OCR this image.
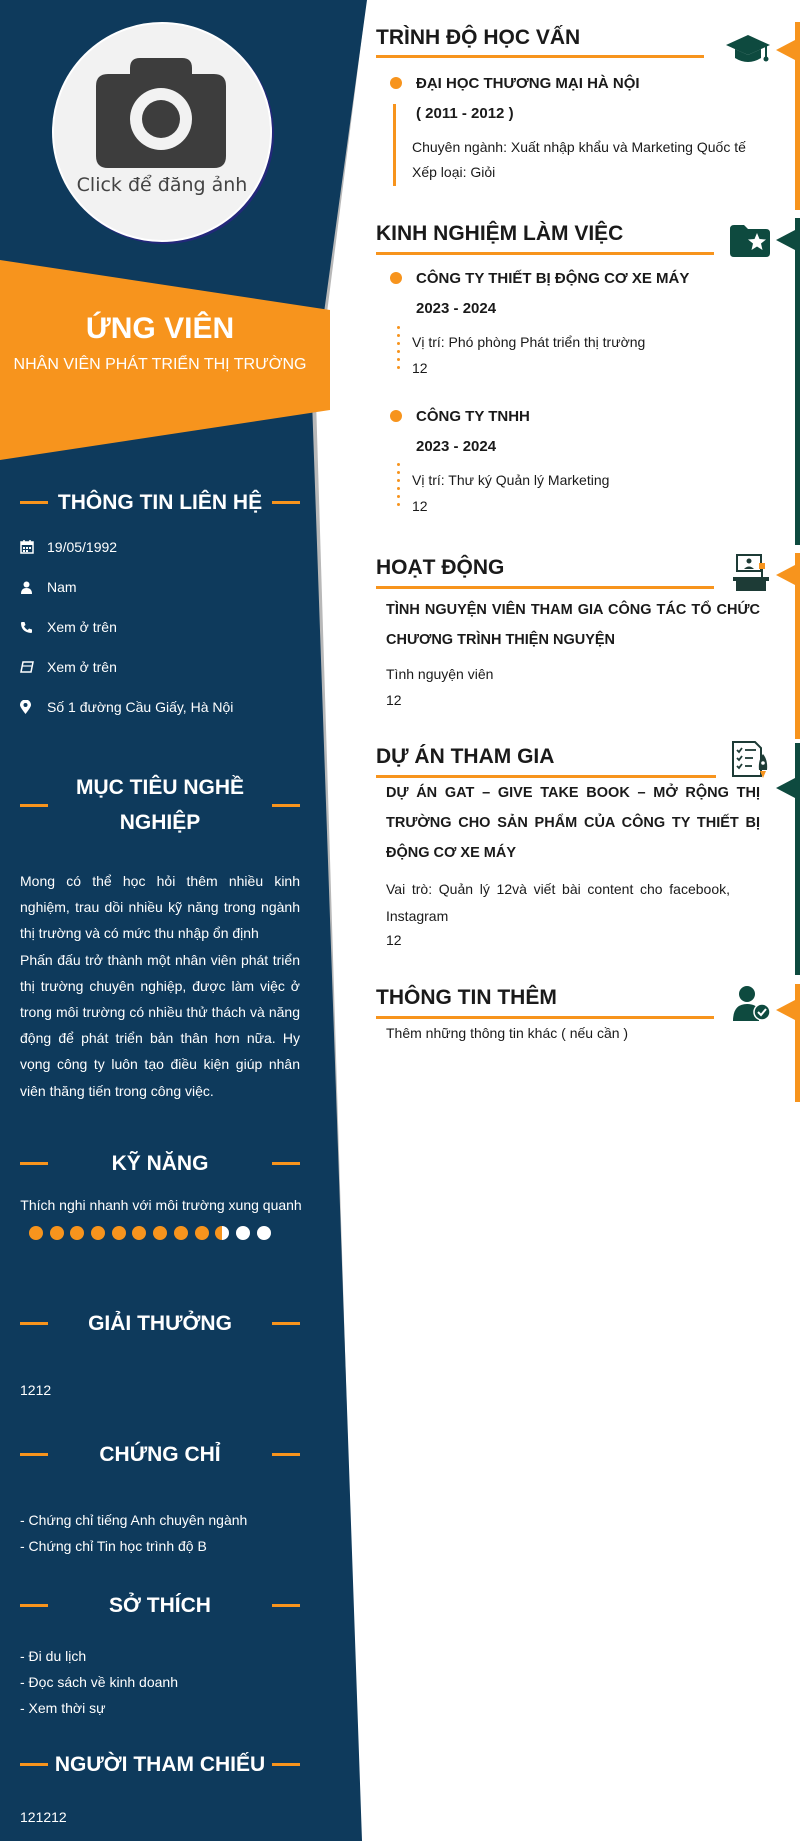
Click để đăng ảnh
ỨNG VIÊN
NHÂN VIÊN PHÁT TRIỂN THỊ TRƯỜNG
THÔNG TIN LIÊN HỆ
19/05/1992
Nam
Xem ở trên
Xem ở trên
Số 1 đường Cầu Giấy, Hà Nội
MỤC TIÊU NGHỀ
NGHIỆP

Mong có thể học hỏi thêm nhiều kinh nghiệm, trau dồi nhiều kỹ năng trong ngành thị trường và có mức thu nhập ổn định

Phấn đấu trở thành một nhân viên phát triển thị trường chuyên nghiệp, được làm việc ở trong môi trường có nhiều thử thách và năng động để phát triển bản thân hơn nữa. Hy vọng công ty luôn tạo điều kiện giúp nhân viên thăng tiến trong công việc.

KỸ NĂNG
Thích nghi nhanh với môi trường xung quanh
GIẢI THƯỞNG
1212
CHỨNG CHỈ
- Chứng chỉ tiếng Anh chuyên ngành
- Chứng chỉ Tin học trình độ B
SỞ THÍCH
- Đi du lịch
- Đọc sách về kinh doanh
- Xem thời sự
NGƯỜI THAM CHIẾU
121212
TRÌNH ĐỘ HỌC VẤN
ĐẠI HỌC THƯƠNG MẠI HÀ NỘI
( 2011 - 2012 )
Chuyên ngành: Xuất nhập khẩu và Marketing Quốc tế
Xếp loại: Giỏi
KINH NGHIỆM LÀM VIỆC
CÔNG TY THIẾT BỊ ĐỘNG CƠ XE MÁY
2023 - 2024
Vị trí: Phó phòng Phát triển thị trường
12
CÔNG TY TNHH
2023 - 2024
Vị trí: Thư ký Quản lý Marketing
12
HOẠT ĐỘNG
TÌNH NGUYỆN VIÊN THAM GIA CÔNG TÁC TỔ CHỨC CHƯƠNG TRÌNH THIỆN NGUYỆN
Tình nguyện viên
12
DỰ ÁN THAM GIA
DỰ ÁN GAT – GIVE TAKE BOOK – MỞ RỘNG THỊ TRƯỜNG CHO SẢN PHẨM CỦA CÔNG TY THIẾT BỊ ĐỘNG CƠ XE MÁY
Vai trò: Quản lý 12và viết bài content cho facebook, Instagram
12
THÔNG TIN THÊM
Thêm những thông tin khác ( nếu cần )
